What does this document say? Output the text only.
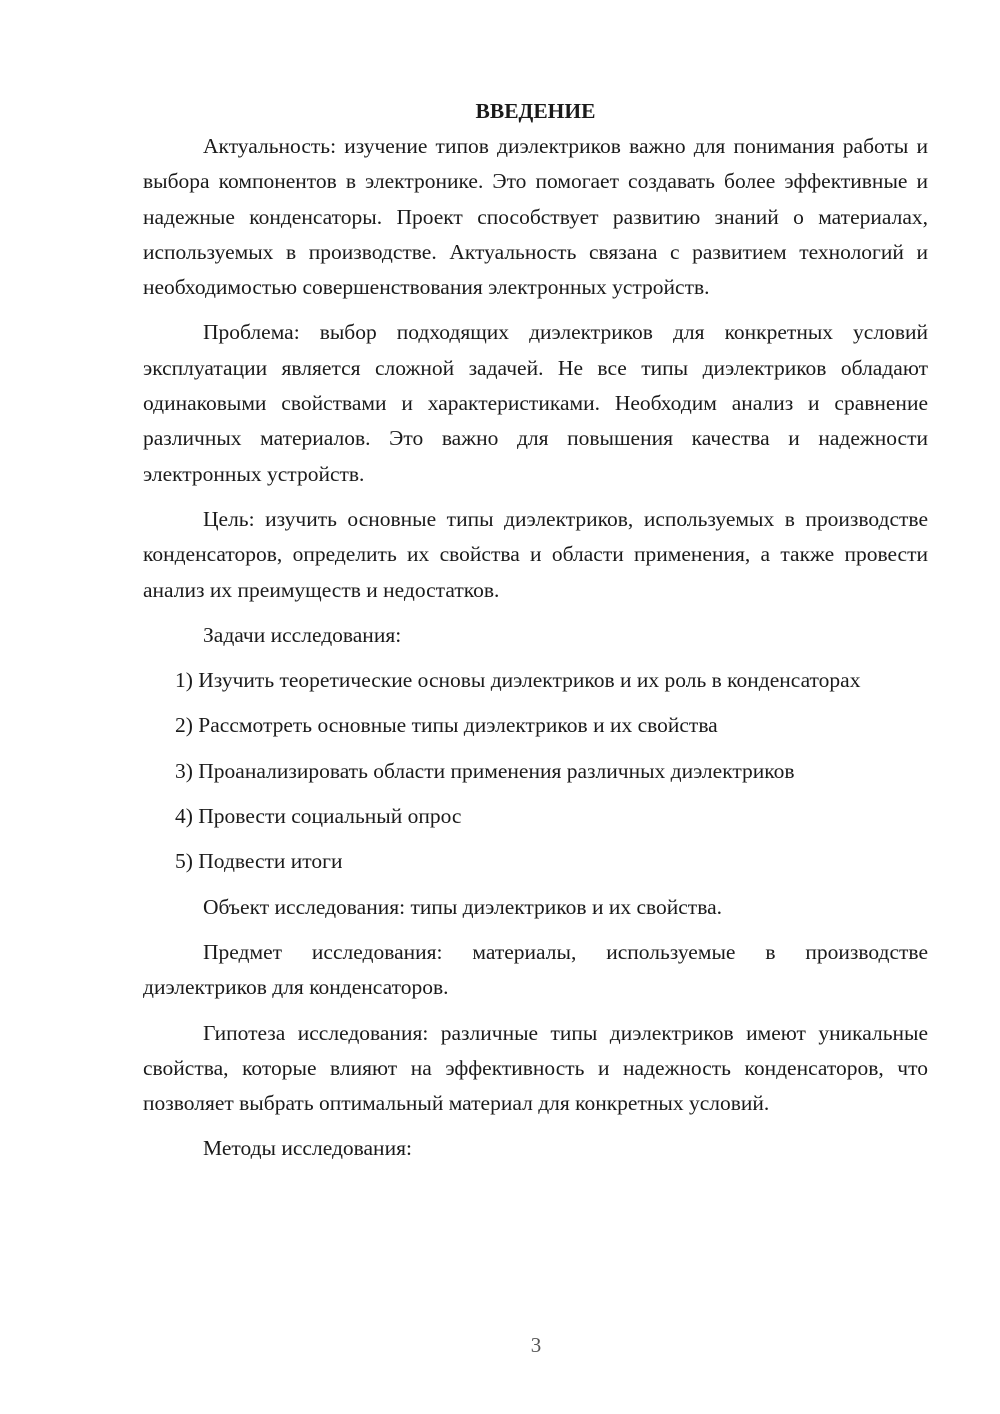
ВВЕДЕНИЕ

Актуальность: изучение типов диэлектриков важно для понимания работы и выбора компонентов в электронике. Это помогает создавать более эффективные и надежные конденсаторы. Проект способствует развитию знаний о материалах, используемых в производстве. Актуальность связана с развитием технологий и необходимостью совершенствования электронных устройств.

Проблема: выбор подходящих диэлектриков для конкретных условий эксплуатации является сложной задачей. Не все типы диэлектриков обладают одинаковыми свойствами и характеристиками. Необходим анализ и сравнение различных материалов. Это важно для повышения качества и надежности электронных устройств.

Цель: изучить основные типы диэлектриков, используемых в производстве конденсаторов, определить их свойства и области применения, а также провести анализ их преимуществ и недостатков.

Задачи исследования:

1) Изучить теоретические основы диэлектриков и их роль в конденсаторах

2) Рассмотреть основные типы диэлектриков и их свойства

3) Проанализировать области применения различных диэлектриков

4) Провести социальный опрос

5) Подвести итоги

Объект исследования: типы диэлектриков и их свойства.

Предмет исследования: материалы, используемые в производстве диэлектриков для конденсаторов.

Гипотеза исследования: различные типы диэлектриков имеют уникальные свойства, которые влияют на эффективность и надежность конденсаторов, что позволяет выбрать оптимальный материал для конкретных условий.

Методы исследования:

3
